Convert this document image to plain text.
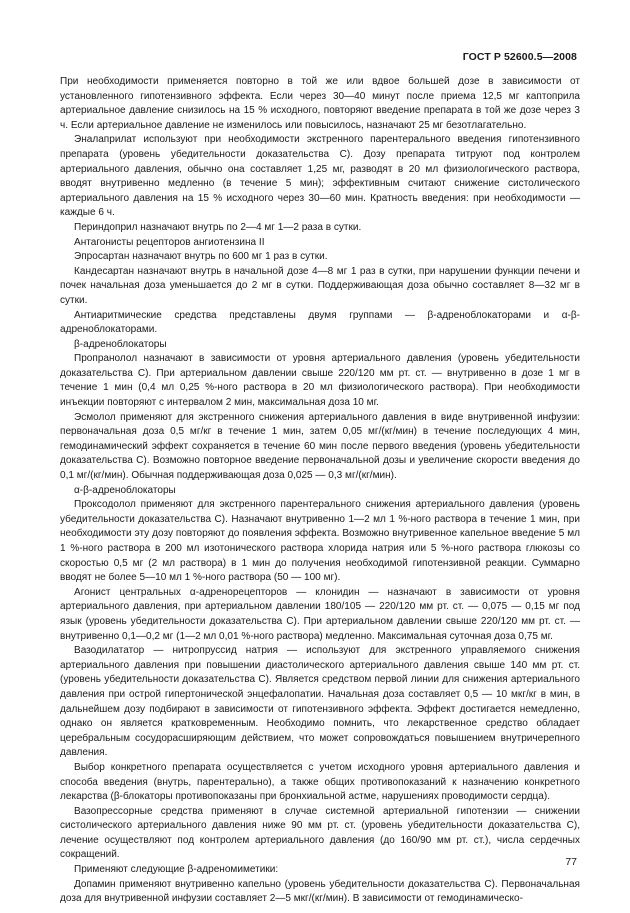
ГОСТ Р 52600.5—2008

При необходимости применяется повторно в той же или вдвое большей дозе в зависимости от установленного гипотензивного эффекта. Если через 30—40 минут после приема 12,5 мг каптоприла артериальное давление снизилось на 15 % исходного, повторяют введение препарата в той же дозе через 3 ч. Если артериальное давление не изменилось или повысилось, назначают 25 мг безотлагательно.

Эналаприлат используют при необходимости экстренного парентерального введения гипотензивного препарата (уровень убедительности доказательства С). Дозу препарата титруют под контролем артериального давления, обычно она составляет 1,25 мг, разводят в 20 мл физиологического раствора, вводят внутривенно медленно (в течение 5 мин); эффективным считают снижение систолического артериального давления на 15 % исходного через 30—60 мин. Кратность введения: при необходимости — каждые 6 ч.

Периндоприл назначают внутрь по 2—4 мг 1—2 раза в сутки.

Антагонисты рецепторов ангиотензина II

Эпросартан назначают внутрь по 600 мг 1 раз в сутки.

Кандесартан назначают внутрь в начальной дозе 4—8 мг 1 раз в сутки, при нарушении функции печени и почек начальная доза уменьшается до 2 мг в сутки. Поддерживающая доза обычно составляет 8—32 мг в сутки.

Антиаритмические средства представлены двумя группами — β-адреноблокаторами и α-β-адреноблокаторами.

β-адреноблокаторы

Пропранолол назначают в зависимости от уровня артериального давления (уровень убедительности доказательства С). При артериальном давлении свыше 220/120 мм рт. ст. — внутривенно в дозе 1 мг в течение 1 мин (0,4 мл 0,25 %-ного раствора в 20 мл физиологического раствора). При необходимости инъекции повторяют с интервалом 2 мин, максимальная доза 10 мг.

Эсмолол применяют для экстренного снижения артериального давления в виде внутривенной инфузии: первоначальная доза 0,5 мг/кг в течение 1 мин, затем 0,05 мг/(кг/мин) в течение последующих 4 мин, гемодинамический эффект сохраняется в течение 60 мин после первого введения (уровень убедительности доказательства С). Возможно повторное введение первоначальной дозы и увеличение скорости введения до 0,1 мг/(кг/мин). Обычная поддерживающая доза 0,025 — 0,3 мг/(кг/мин).

α-β-адреноблокаторы

Проксодолол применяют для экстренного парентерального снижения артериального давления (уровень убедительности доказательства С). Назначают внутривенно 1—2 мл 1 %-ного раствора в течение 1 мин, при необходимости эту дозу повторяют до появления эффекта. Возможно внутривенное капельное введение 5 мл 1 %-ного раствора в 200 мл изотонического раствора хлорида натрия или 5 %-ного раствора глюкозы со скоростью 0,5 мг (2 мл раствора) в 1 мин до получения необходимой гипотензивной реакции. Суммарно вводят не более 5—10 мл 1 %-ного раствора (50 — 100 мг).

Агонист центральных α-адренорецепторов — клонидин — назначают в зависимости от уровня артериального давления, при артериальном давлении 180/105 — 220/120 мм рт. ст. — 0,075 — 0,15 мг под язык (уровень убедительности доказательства С). При артериальном давлении свыше 220/120 мм рт. ст. — внутривенно 0,1—0,2 мг (1—2 мл 0,01 %-ного раствора) медленно. Максимальная суточная доза 0,75 мг.

Вазодилататор — нитропруссид натрия — используют для экстренного управляемого снижения артериального давления при повышении диастолического артериального давления свыше 140 мм рт. ст. (уровень убедительности доказательства С). Является средством первой линии для снижения артериального давления при острой гипертонической энцефалопатии. Начальная доза составляет 0,5 — 10 мкг/кг в мин, в дальнейшем дозу подбирают в зависимости от гипотензивного эффекта. Эффект достигается немедленно, однако он является кратковременным. Необходимо помнить, что лекарственное средство обладает церебральным сосудорасширяющим действием, что может сопровождаться повышением внутричерепного давления.

Выбор конкретного препарата осуществляется с учетом исходного уровня артериального давления и способа введения (внутрь, парентерально), а также общих противопоказаний к назначению конкретного лекарства (β-блокаторы противопоказаны при бронхиальной астме, нарушениях проводимости сердца).

Вазопрессорные средства применяют в случае системной артериальной гипотензии — снижении систолического артериального давления ниже 90 мм рт. ст. (уровень убедительности доказательства С), лечение осуществляют под контролем артериального давления (до 160/90 мм рт. ст.), числа сердечных сокращений.

Применяют следующие β-адреномиметики:

Допамин применяют внутривенно капельно (уровень убедительности доказательства С). Первоначальная доза для внутривенной инфузии составляет 2—5 мкг/(кг/мин). В зависимости от гемодинамическо-

77
